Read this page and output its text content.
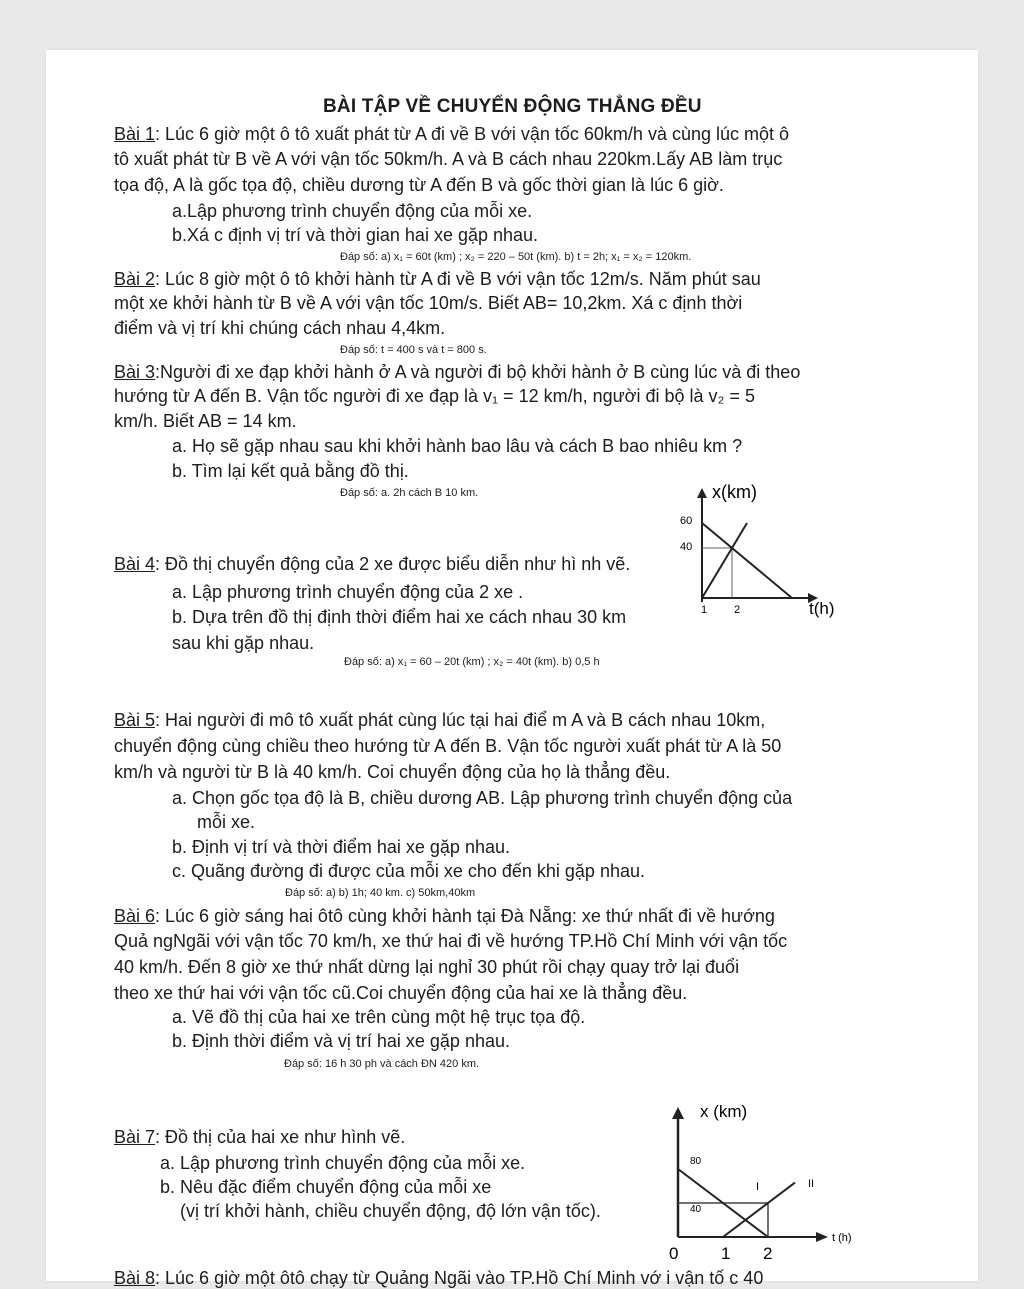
BÀI TẬP VỀ CHUYỂN ĐỘNG THẲNG ĐỀU
Bài 1: Lúc 6 giờ một ô tô xuất phát từ A đi về B với vận tốc 60km/h và cùng lúc một ô
tô xuất phát từ B về A với vận tốc 50km/h. A và B cách nhau 220km.Lấy AB làm trục
tọa độ, A là gốc tọa độ, chiều dương từ A đến B và gốc thời gian là lúc 6 giờ.
a.Lập phương trình chuyển động của mỗi xe.
b.Xá c định vị trí và thời gian hai xe gặp nhau.
Đáp số: a) x₁ = 60t (km) ; x₂ = 220 – 50t (km). b) t = 2h; x₁ = x₂ = 120km.
Bài 2: Lúc 8 giờ một ô tô khởi hành từ A đi về B với vận tốc 12m/s. Năm phút sau
một xe khởi hành từ B về A với vận tốc 10m/s. Biết AB= 10,2km. Xá c định thời
điểm và vị trí khi chúng cách nhau 4,4km.
Đáp số: t = 400 s và t = 800 s.
Bài 3:Người đi xe đạp khởi hành ở A và người đi bộ khởi hành ở B cùng lúc và đi theo
hướng từ A đến B. Vận tốc người đi xe đạp là v₁ = 12 km/h, người đi bộ là v₂ = 5
km/h. Biết AB = 14 km.
a. Họ sẽ gặp nhau sau khi khởi hành bao lâu và cách B bao nhiêu km ?
b. Tìm lại kết quả bằng đồ thị.
Đáp số: a. 2h cách B 10 km.	x(km)
t(h)
60
40
1 2
Bài 4: Đồ thị chuyển động của 2 xe được biểu diễn như hì nh vẽ.
a. Lập phương trình chuyển động của 2 xe .
b. Dựa trên đồ thị định thời điểm hai xe cách nhau 30 km
sau khi gặp nhau.
Đáp số: a) x₁ = 60 – 20t (km) ; x₂ = 40t (km). b) 0,5 h
Bài 5: Hai người đi mô tô xuất phát cùng lúc tại hai điể m A và B cách nhau 10km,
chuyển động cùng chiều theo hướng từ A đến B. Vận tốc người xuất phát từ A là 50
km/h và người từ B là 40 km/h. Coi chuyển động của họ là thẳng đều.
a. Chọn gốc tọa độ là B, chiều dương AB. Lập phương trình chuyển động của
mỗi xe.
b. Định vị trí và thời điểm hai xe gặp nhau.
c. Quãng đường đi được của mỗi xe cho đến khi gặp nhau.
Đáp số: a) b) 1h; 40 km. c) 50km,40km
Bài 6: Lúc 6 giờ sáng hai ôtô cùng khởi hành tại Đà Nẵng: xe thứ nhất đi về hướng
Quả ngNgãi với vận tốc 70 km/h, xe thứ hai đi về hướng TP.Hồ Chí Minh với vận tốc
40 km/h. Đến 8 giờ xe thứ nhất dừng lại nghỉ 30 phút rồi chạy quay trở lại đuổi
theo xe thứ hai với vận tốc cũ.Coi chuyển động của hai xe là thẳng đều.
a. Vẽ đồ thị của hai xe trên cùng một hệ trục tọa độ.
b. Định thời điểm và vị trí hai xe gặp nhau.
Đáp số: 16 h 30 ph và cách ĐN 420 km.
x (km)
t (h)
80
40
0	1 2
I	II
Bài 7: Đồ thị của hai xe như hình vẽ.
a. Lập phương trình chuyển động của mỗi xe.
b. Nêu đặc điểm chuyển động của mỗi xe
(vị trí khởi hành, chiều chuyển động, độ lớn vận tốc).
Bài 8: Lúc 6 giờ một ôtô chạy từ Quảng Ngãi vào TP.Hồ Chí Minh vớ i vận tố c 40
